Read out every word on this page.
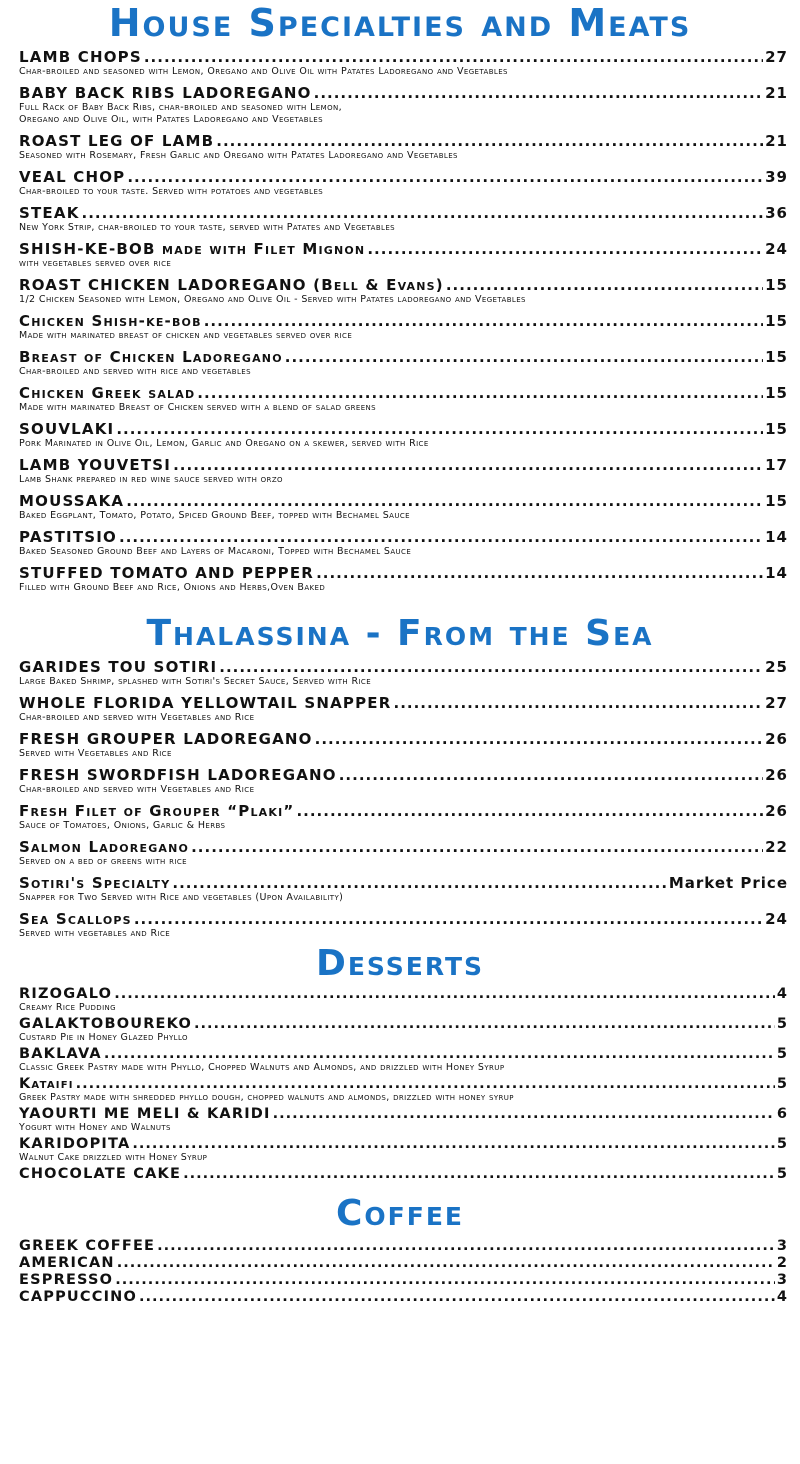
House Specialties and Meats
LAMB CHOPS .....	27
Char-broiled and seasoned with Lemon, Oregano and Olive Oil with Patates Ladoregano and Vegetables
BABY BACK RIBS LADOREGANO .....	21
Full Rack of Baby Back Ribs, char-broiled and seasoned with Lemon,
Oregano and Olive Oil, with Patates Ladoregano and Vegetables
ROAST LEG OF LAMB .....	21
Seasoned with Rosemary, Fresh Garlic and Oregano with Patates Ladoregano and Vegetables
VEAL CHOP .....	39
Char-broiled to your taste. Served with potatoes and vegetables
STEAK .....	36
New York Strip, char-broiled to your taste, served with Patates and Vegetables
SHISH-KE-BOB made with Filet Mignon .....	24
with vegetables served over rice
ROAST CHICKEN LADOREGANO (Bell & Evans) .....	15
1/2 Chicken Seasoned with Lemon, Oregano and Olive Oil - Served with Patates ladoregano and Vegetables
Chicken Shish-ke-bob .....	15
Made with marinated breast of chicken and vegetables served over rice
Breast of Chicken Ladoregano .....	15
Char-broiled and served with rice and vegetables
Chicken Greek salad .....	15
Made with marinated Breast of Chicken served with a blend of salad greens
SOUVLAKI .....	15
Pork Marinated in Olive Oil, Lemon, Garlic and Oregano on a skewer, served with Rice
LAMB YOUVETSI .....	17
Lamb Shank prepared in red wine sauce served with orzo
MOUSSAKA .....	15
Baked Eggplant, Tomato, Potato, Spiced Ground Beef, topped with Bechamel Sauce
PASTITSIO .....	14
Baked Seasoned Ground Beef and Layers of Macaroni, Topped with Bechamel Sauce
STUFFED TOMATO AND PEPPER .....	14
Filled with Ground Beef and Rice, Onions and Herbs,Oven Baked
Thalassina - From the Sea
GARIDES TOU SOTIRI .....	25
Large Baked Shrimp, splashed with Sotiri's Secret Sauce, Served with Rice
WHOLE FLORIDA YELLOWTAIL SNAPPER .....	27
Char-broiled and served with Vegetables and Rice
FRESH GROUPER LADOREGANO .....	26
Served with Vegetables and Rice
FRESH SWORDFISH LADOREGANO .....	26
Char-broiled and served with Vegetables and Rice
Fresh Filet of Grouper “Plaki” .....	26
Sauce of Tomatoes, Onions, Garlic & Herbs
Salmon Ladoregano .....	22
Served on a bed of greens with rice
Sotiri's Specialty .....	Market Price
Snapper for Two Served with Rice and vegetables (Upon Availability)
Sea Scallops .....	24
Served with vegetables and Rice
Desserts
RIZOGALO .....	4
Creamy Rice Pudding
GALAKTOBOUREKO .....	5
Custard Pie in Honey Glazed Phyllo
BAKLAVA .....	5
Classic Greek Pastry made with Phyllo, Chopped Walnuts and Almonds, and drizzled with Honey Syrup
Kataifi .....	5
Greek Pastry made with shredded phyllo dough, chopped walnuts and almonds, drizzled with honey syrup
YAOURTI ME MELI & KARIDI .....	6
Yogurt with Honey and Walnuts
KARIDOPITA .....	5
Walnut Cake drizzled with Honey Syrup
CHOCOLATE CAKE .....	5
Coffee
GREEK COFFEE .....	3
AMERICAN .....	2
ESPRESSO .....	3
CAPPUCCINO .....	4
